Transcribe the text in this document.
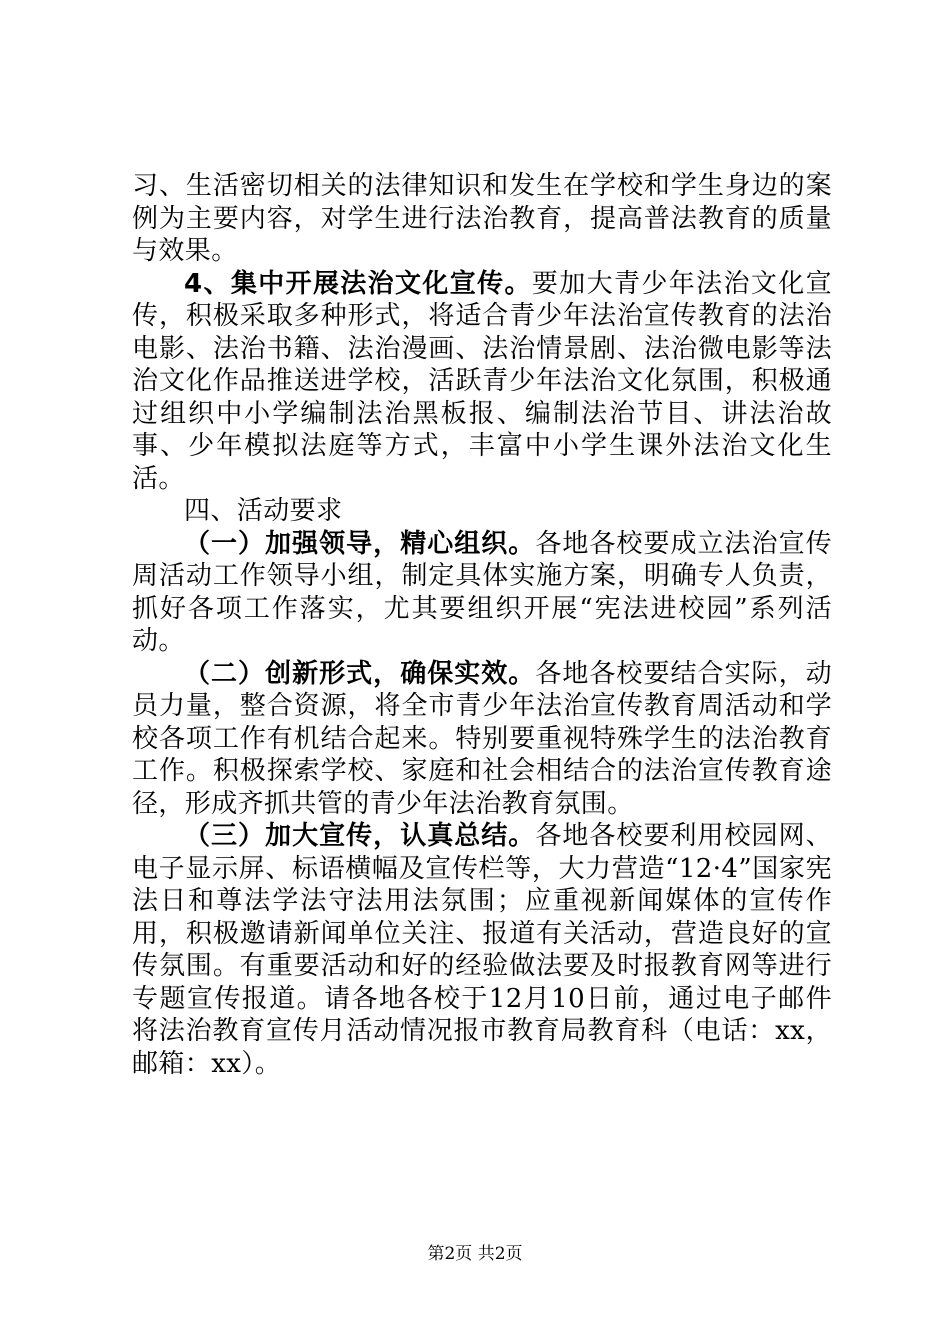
习、生活密切相关的法律知识和发生在学校和学生身边的案例为主要内容，对学生进行法治教育，提高普法教育的质量与效果。

4、集中开展法治文化宣传。要加大青少年法治文化宣传，积极采取多种形式，将适合青少年法治宣传教育的法治电影、法治书籍、法治漫画、法治情景剧、法治微电影等法治文化作品推送进学校，活跃青少年法治文化氛围，积极通过组织中小学编制法治黑板报、编制法治节目、讲法治故事、少年模拟法庭等方式，丰富中小学生课外法治文化生活。

四、活动要求

（一）加强领导，精心组织。各地各校要成立法治宣传周活动工作领导小组，制定具体实施方案，明确专人负责，抓好各项工作落实，尤其要组织开展“宪法进校园”系列活动。

（二）创新形式，确保实效。各地各校要结合实际，动员力量，整合资源，将全市青少年法治宣传教育周活动和学校各项工作有机结合起来。特别要重视特殊学生的法治教育工作。积极探索学校、家庭和社会相结合的法治宣传教育途径，形成齐抓共管的青少年法治教育氛围。

（三）加大宣传，认真总结。各地各校要利用校园网、电子显示屏、标语横幅及宣传栏等，大力营造“12·4”国家宪法日和尊法学法守法用法氛围；应重视新闻媒体的宣传作用，积极邀请新闻单位关注、报道有关活动，营造良好的宣传氛围。有重要活动和好的经验做法要及时报教育网等进行专题宣传报道。请各地各校于12月10日前，通过电子邮件将法治教育宣传月活动情况报市教育局教育科（电话：xx，邮箱：xx）。

第2页 共2页
